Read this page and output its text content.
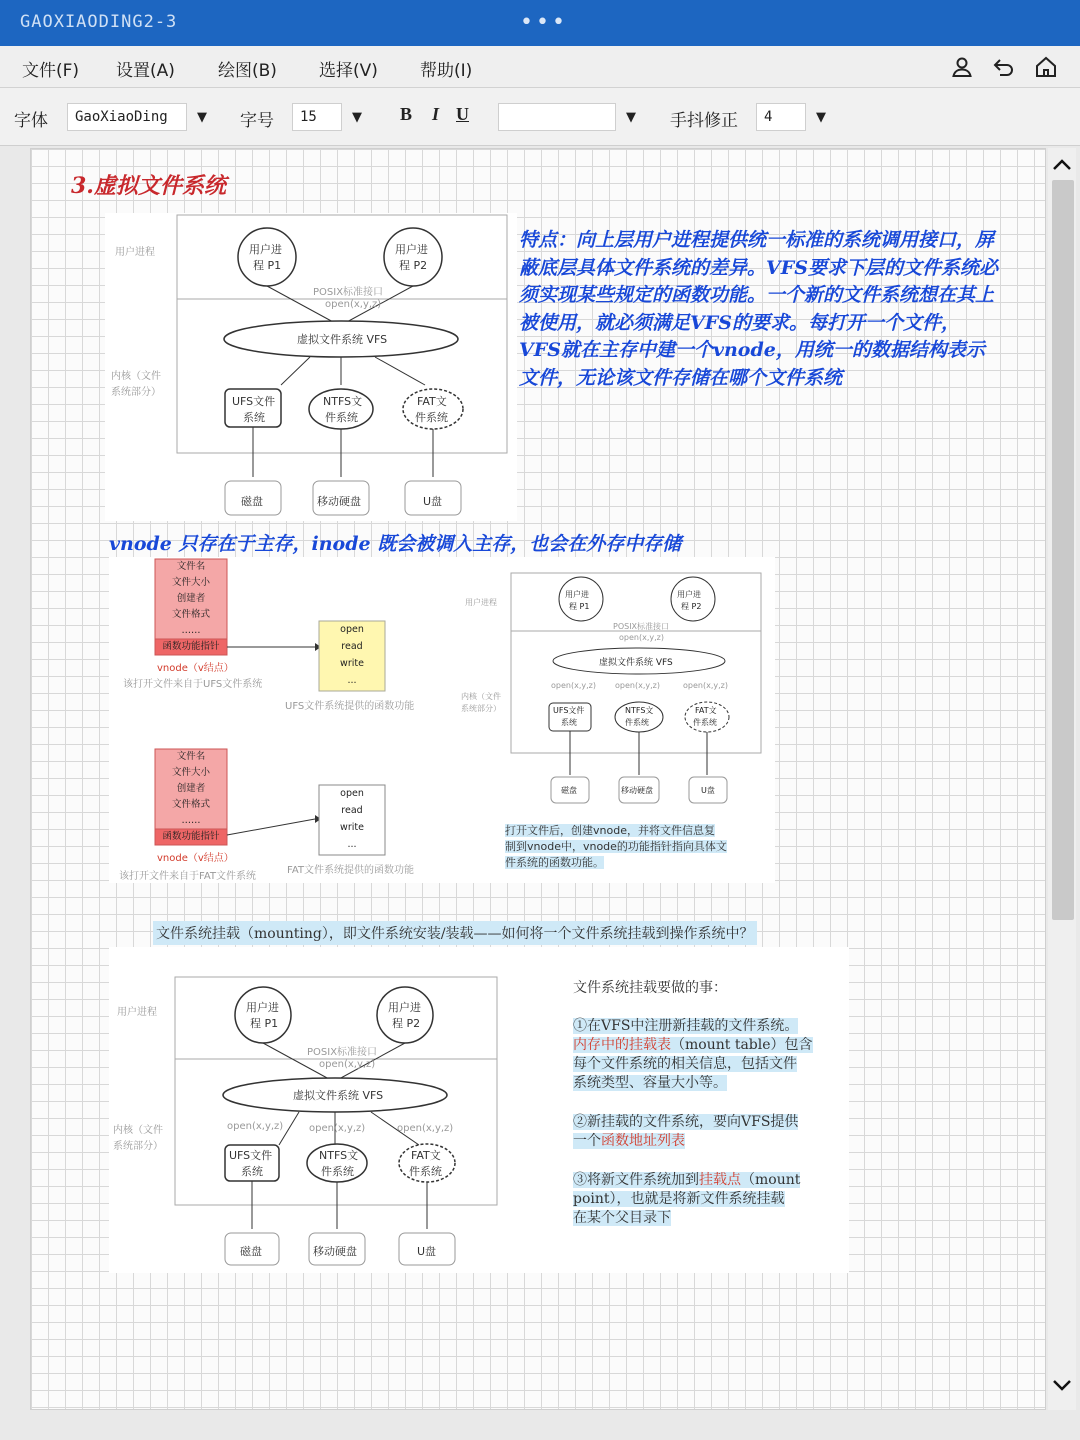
GAOXIAODING2-3	•••
文件(F) 设置(A)	绘图(B) 选择(V) 帮助(I)
字体	GaoXiaoDing	▼	字号	15	▼	B I U	▼	手抖修正	4	▼
3.虚拟文件系统
用户进程
内核（文件
系统部分）
用户进
程 P1
用户进
程 P2
POSIX标准接口
open(x,y,z)
虚拟文件系统 VFS
UFS文件
系统
NTFS文
件系统
FAT文
件系统
磁盘	移动硬盘	U盘
特点：向上层用户进程提供统一标准的系统调用接口，屏蔽底层具体文件系统的差异。VFS要求下层的文件系统必须实现某些规定的函数功能。一个新的文件系统想在其上被使用，就必须满足VFS的要求。每打开一个文件，VFS就在主存中建一个vnode，用统一的数据结构表示文件，无论该文件存储在哪个文件系统
vnode 只存在于主存，inode 既会被调入主存，也会在外存中存储
文件名
文件大小
创建者
文件格式
……
函数功能指针
文件名
文件大小
创建者
文件格式
……
函数功能指针
vnode（v结点）
该打开文件来自于UFS文件系统
vnode（v结点）
该打开文件来自于FAT文件系统
open
read
write
...
open
read
write
...
UFS文件系统提供的函数功能
FAT文件系统提供的函数功能
用户进程
内核（文件
系统部分）
用户进
程 P1
用户进
程 P2
POSIX标准接口
open(x,y,z)
虚拟文件系统 VFS
open(x,y,z) open(x,y,z)	open(x,y,z)
UFS文件
系统
NTFS文
件系统
FAT文
件系统
磁盘	移动硬盘	U盘
打开文件后，创建vnode，并将文件信息复
制到vnode中，vnode的功能指针指向具体文
件系统的函数功能。
文件系统挂载（mounting），即文件系统安装/装载——如何将一个文件系统挂载到操作系统中？
用户进程
内核（文件
系统部分）
用户进
程 P1
用户进
程 P2
POSIX标准接口
open(x,y,z)
虚拟文件系统 VFS
open(x,y,z)	open(x,y,z)	open(x,y,z)
UFS文件
系统
NTFS文
件系统
FAT文
件系统
磁盘	移动硬盘	U盘
文件系统挂载要做的事：
①在VFS中注册新挂载的文件系统。
内存中的挂载表（mount table）包含
每个文件系统的相关信息，包括文件
系统类型、容量大小等。
②新挂载的文件系统，要向VFS提供
一个函数地址列表
③将新文件系统加到挂载点（mount
point），也就是将新文件系统挂载
在某个父目录下
